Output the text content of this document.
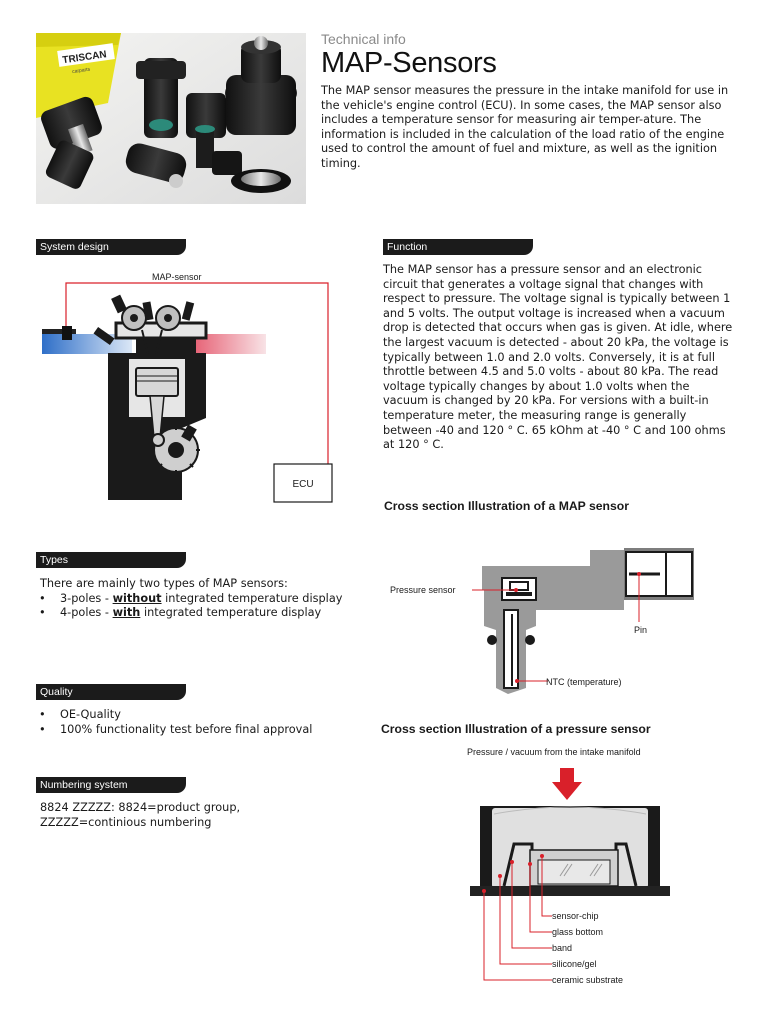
TRISCAN
carparts
Technical info
MAP-Sensors

The MAP sensor measures the pressure in the intake manifold for use in the vehicle's engine control (ECU). In some cases, the MAP sensor also includes a temperature sensor for measuring air temper-ature. The information is included in the calculation of the load ratio of the engine used to control the amount of fuel and mixture, as well as the ignition timing.

System design
MAP-sensor
ECU
Function

The MAP sensor has a pressure sensor and an electronic circuit that generates a voltage signal that changes with respect to pressure. The voltage signal is typically between 1 and 5 volts. The output voltage is increased when a vacuum drop is detected that occurs when gas is given. At idle, where the largest vacuum is detected - about 20 kPa, the voltage is typically between 1.0 and 2.0 volts. Conversely, it is at full throttle between 4.5 and 5.0 volts - about 80 kPa. The read voltage typically changes by about 1.0 volts when the vacuum is changed by 20 kPa. For versions with a built-in temperature meter, the measuring range is generally between -40 and 120 ° C. 65 kOhm at -40 ° C and 100 ohms at 120 ° C.

Types

There are mainly two types of MAP sensors:

• 3-poles - without integrated temperature display
• 4-poles - with integrated temperature display
Quality
• OE-Quality
• 100% functionality test before final approval
Numbering system

8824 ZZZZZ: 8824=product group,

ZZZZZ=continious numbering

Cross section Illustration of a MAP sensor
Pressure sensor
Pin
NTC (temperature)
Cross section Illustration of a pressure sensor
Pressure / vacuum from the intake manifold
sensor-chip
glass bottom
band
silicone/gel
ceramic substrate
